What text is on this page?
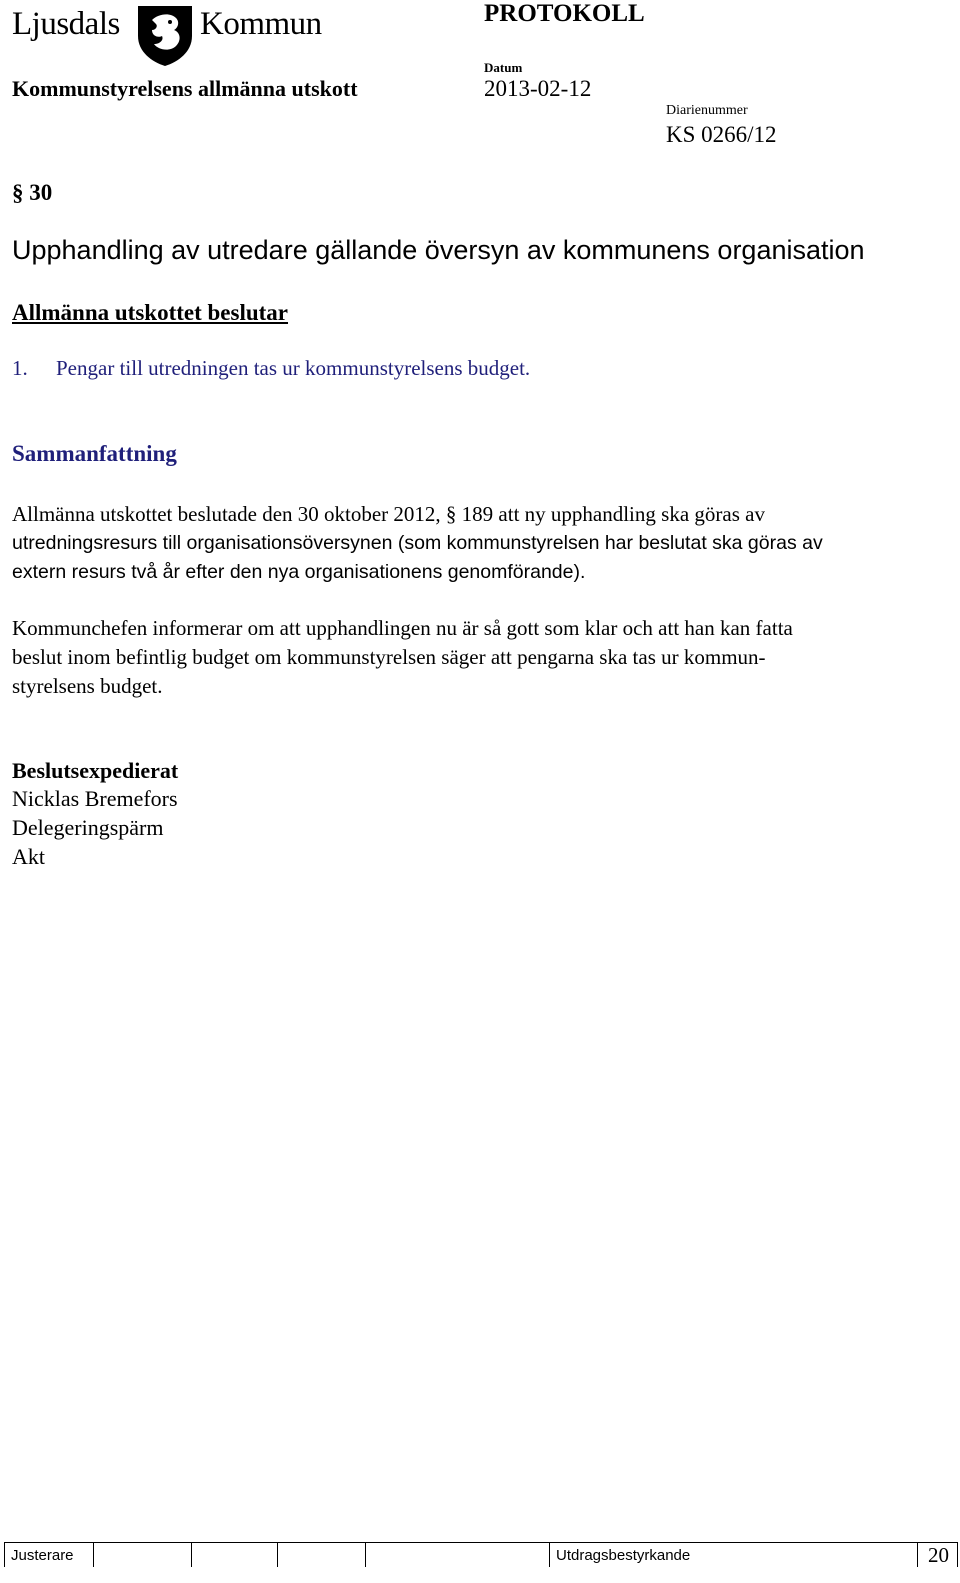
Ljusdals Kommun	PROTOKOLL
Kommunstyrelsens allmänna utskott
Datum
2013-02-12
Diarienummer
KS 0266/12
§ 30
Upphandling av utredare gällande översyn av kommunens organisation
Allmänna utskottet beslutar
1. Pengar till utredningen tas ur kommunstyrelsens budget.
Sammanfattning
Allmänna utskottet beslutade den 30 oktober 2012, § 189 att ny upphandling ska göras av
utredningsresurs till organisationsöversynen (som kommunstyrelsen har beslutat ska göras av
extern resurs två år efter den nya organisationens genomförande).
Kommunchefen informerar om att upphandlingen nu är så gott som klar och att han kan fatta
beslut inom befintlig budget om kommunstyrelsen säger att pengarna ska tas ur kommun-
styrelsens budget.
Beslutsexpedierat
Nicklas Bremefors
Delegeringspärm
Akt
Justerare	Utdragsbestyrkande	20
